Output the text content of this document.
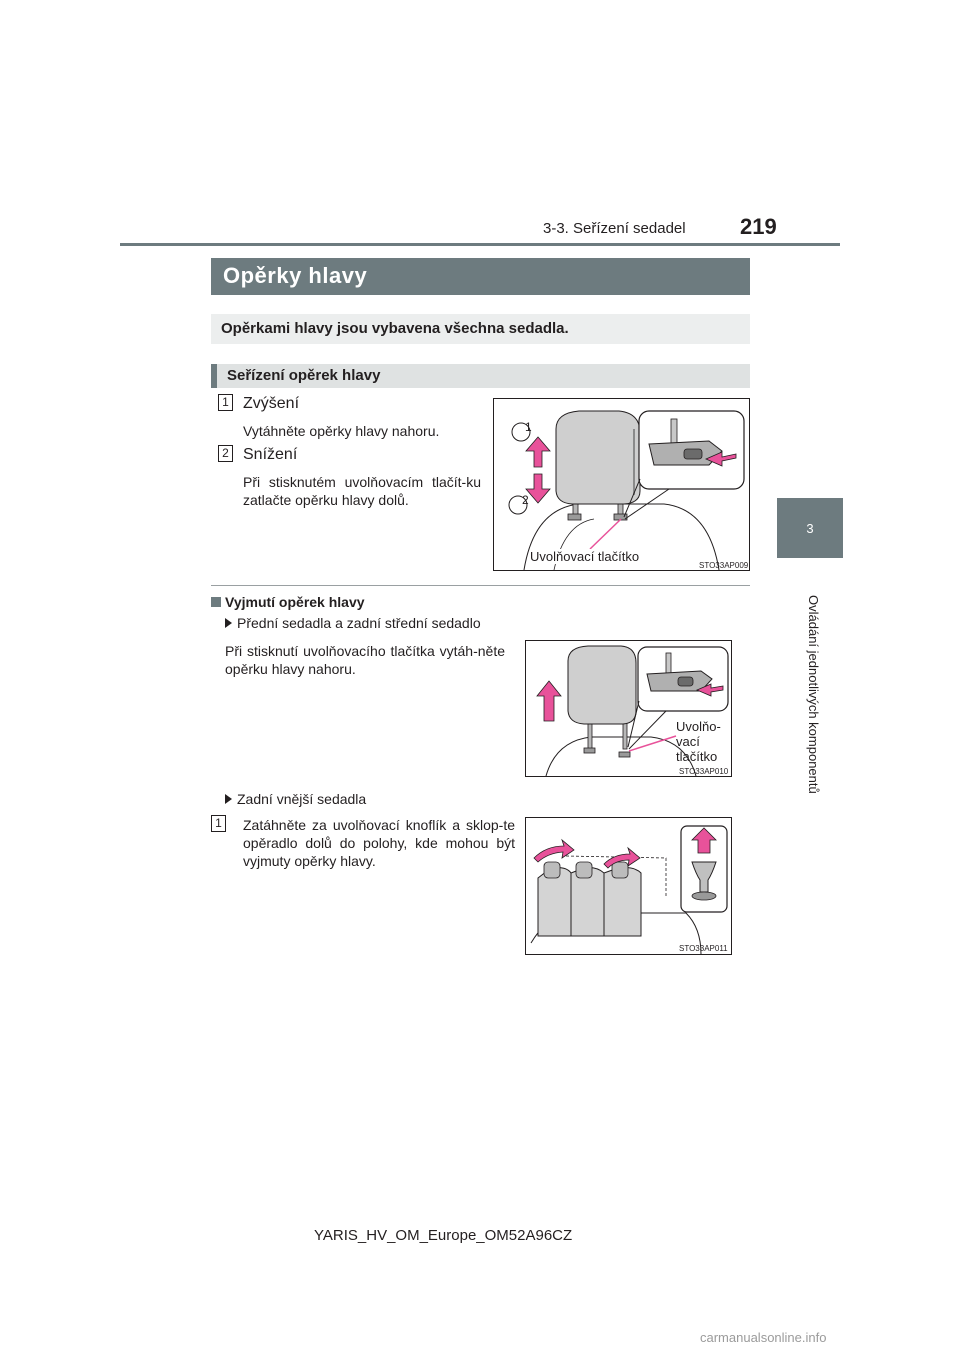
3-3. Seřízení sedadel 219
3
Ovládání jednotlivých komponentů
Opěrky hlavy
Opěrkami hlavy jsou vybavena všechna sedadla.
Seřízení opěrek hlavy
1 Zvýšení
Vytáhněte opěrky hlavy nahoru.
2 Snížení
Při stisknutém uvolňovacím tlačít-ku zatlačte opěrku hlavy dolů.
1
2
Uvolňovací tlačítko
STO33AP009
Vyjmutí opěrek hlavy
Přední sedadla a zadní střední sedadlo
Při stisknutí uvolňovacího tlačítka vytáh-něte opěrku hlavy nahoru.
Uvolňo-
vací
tlačítko
STO33AP010
Zadní vnější sedadla
1 Zatáhněte za uvolňovací knoflík a sklop-te opěradlo dolů do polohy, kde mohou být vyjmuty opěrky hlavy.
STO33AP011
YARIS_HV_OM_Europe_OM52A96CZ
carmanualsonline.info
